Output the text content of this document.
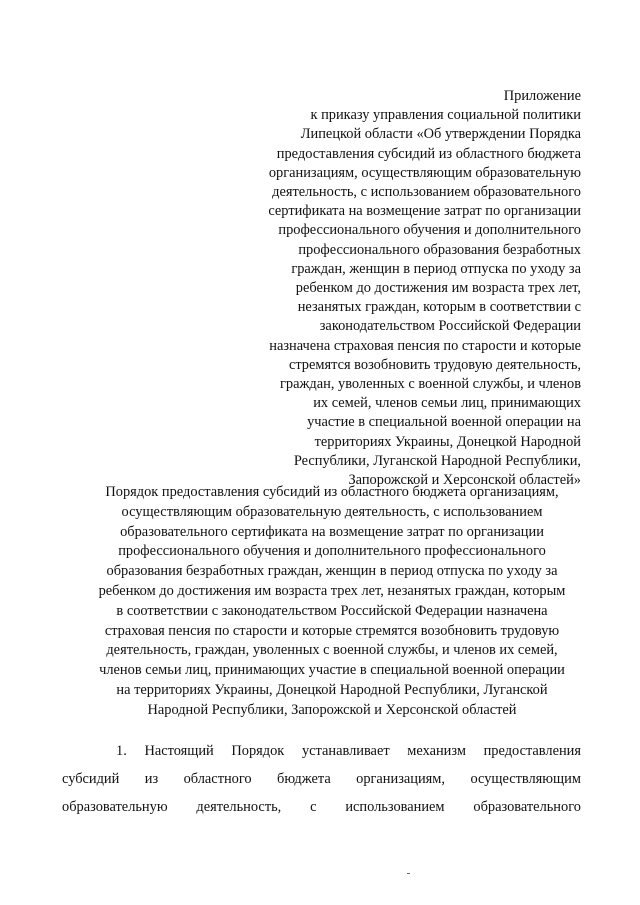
Приложение
к приказу управления социальной политики
Липецкой области «Об утверждении Порядка
предоставления субсидий из областного бюджета
организациям, осуществляющим образовательную
деятельность, с использованием образовательного
сертификата на возмещение затрат по организации
профессионального обучения и дополнительного
профессионального образования безработных
граждан, женщин в период отпуска по уходу за
ребенком до достижения им возраста трех лет,
незанятых граждан, которым в соответствии с
законодательством Российской Федерации
назначена страховая пенсия по старости и которые
стремятся возобновить трудовую деятельность,
граждан, уволенных с военной службы, и членов
их семей, членов семьи лиц, принимающих
участие в специальной военной операции на
территориях Украины, Донецкой Народной
Республики, Луганской Народной Республики,
Запорожской и Херсонской областей»
Порядок предоставления субсидий из областного бюджета организациям,
осуществляющим образовательную деятельность, с использованием
образовательного сертификата на возмещение затрат по организации
профессионального обучения и дополнительного профессионального
образования безработных граждан, женщин в период отпуска по уходу за
ребенком до достижения им возраста трех лет, незанятых граждан, которым
в соответствии с законодательством Российской Федерации назначена
страховая пенсия по старости и которые стремятся возобновить трудовую
деятельность, граждан, уволенных с военной службы, и членов их семей,
членов семьи лиц, принимающих участие в специальной военной операции
на территориях Украины, Донецкой Народной Республики, Луганской
Народной Республики, Запорожской и Херсонской областей
1. Настоящий Порядок устанавливает механизм предоставления
субсидий из областного бюджета организациям, осуществляющим
образовательную деятельность, с использованием образовательного
